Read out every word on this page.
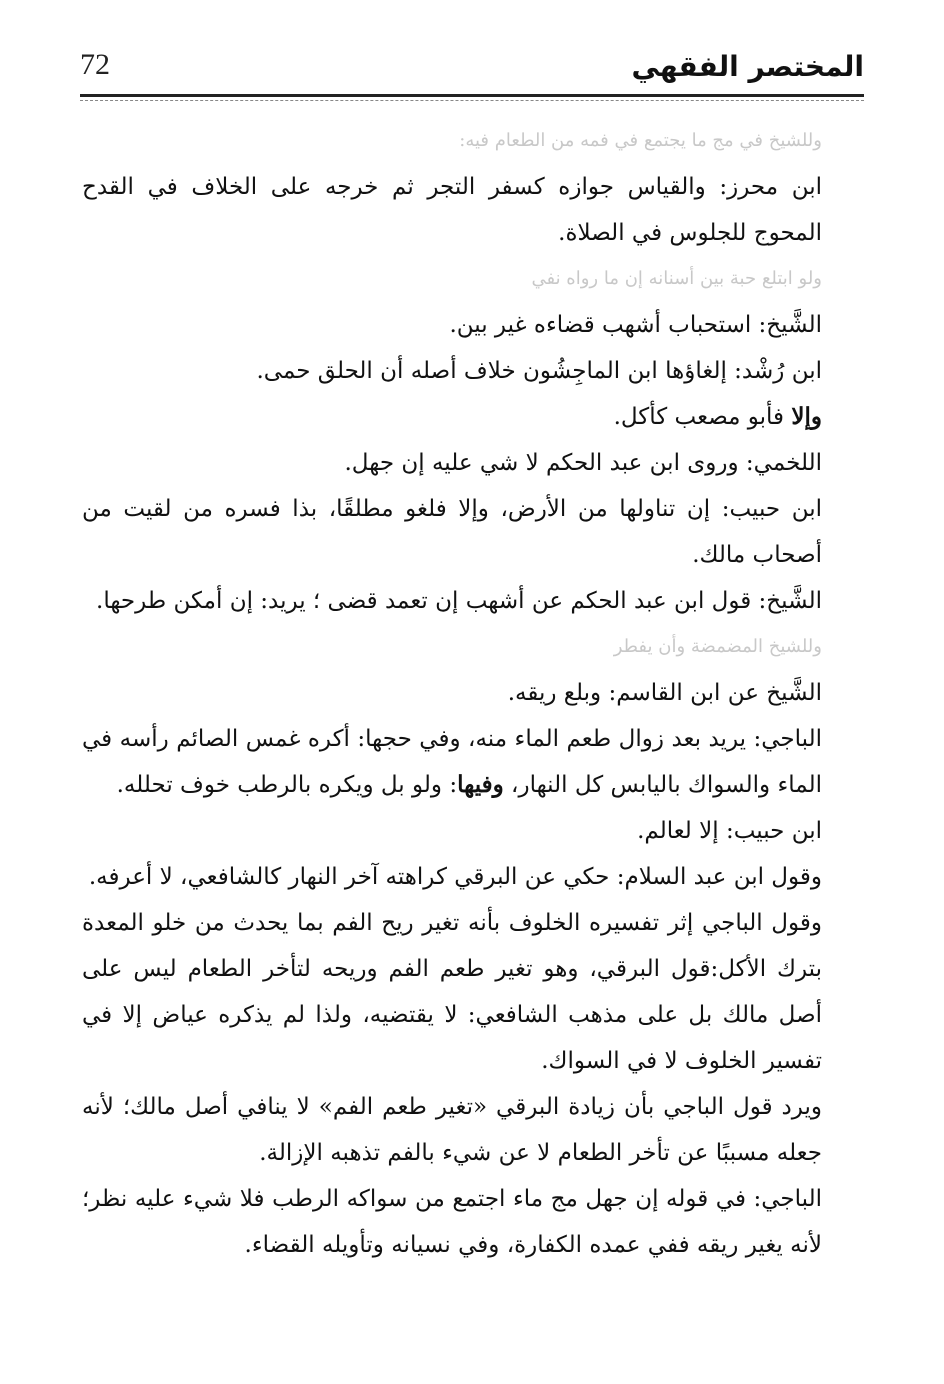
72	المختصر الفقهي

وللشيخ في مج ما يجتمع في فمه من الطعام فيه:

ابن محرز: والقياس جوازه كسفر التجر ثم خرجه على الخلاف في القدح المحوج للجلوس في الصلاة.

ولو ابتلع حبة بين أسنانه إن ما رواه نفي

الشَّيخ: استحباب أشهب قضاءه غير بين.

ابن رُشْد: إلغاؤها ابن الماجِشُون خلاف أصله أن الحلق حمى.

وإلا فأبو مصعب كأكل.

اللخمي: وروى ابن عبد الحكم لا شي عليه إن جهل.

ابن حبيب: إن تناولها من الأرض، وإلا فلغو مطلقًا، بذا فسره من لقيت من أصحاب مالك.

الشَّيخ: قول ابن عبد الحكم عن أشهب إن تعمد قضى ؛ يريد: إن أمكن طرحها.

وللشيخ المضمضة وأن يفطر

الشَّيخ عن ابن القاسم: وبلع ريقه.

الباجي: يريد بعد زوال طعم الماء منه، وفي حجها: أكره غمس الصائم رأسه في الماء والسواك باليابس كل النهار، وفيها: ولو بل ويكره بالرطب خوف تحلله.

ابن حبيب: إلا لعالم.

وقول ابن عبد السلام: حكي عن البرقي كراهته آخر النهار كالشافعي، لا أعرفه.

وقول الباجي إثر تفسيره الخلوف بأنه تغير ريح الفم بما يحدث من خلو المعدة بترك الأكل:قول البرقي، وهو تغير طعم الفم وريحه لتأخر الطعام ليس على أصل مالك بل على مذهب الشافعي: لا يقتضيه، ولذا لم يذكره عياض إلا في تفسير الخلوف لا في السواك.

ويرد قول الباجي بأن زيادة البرقي «تغير طعم الفم» لا ينافي أصل مالك؛ لأنه جعله مسببًا عن تأخر الطعام لا عن شيء بالفم تذهبه الإزالة.

الباجي: في قوله إن جهل مج ماء اجتمع من سواكه الرطب فلا شيء عليه نظر؛ لأنه يغير ريقه ففي عمده الكفارة، وفي نسيانه وتأويله القضاء.
